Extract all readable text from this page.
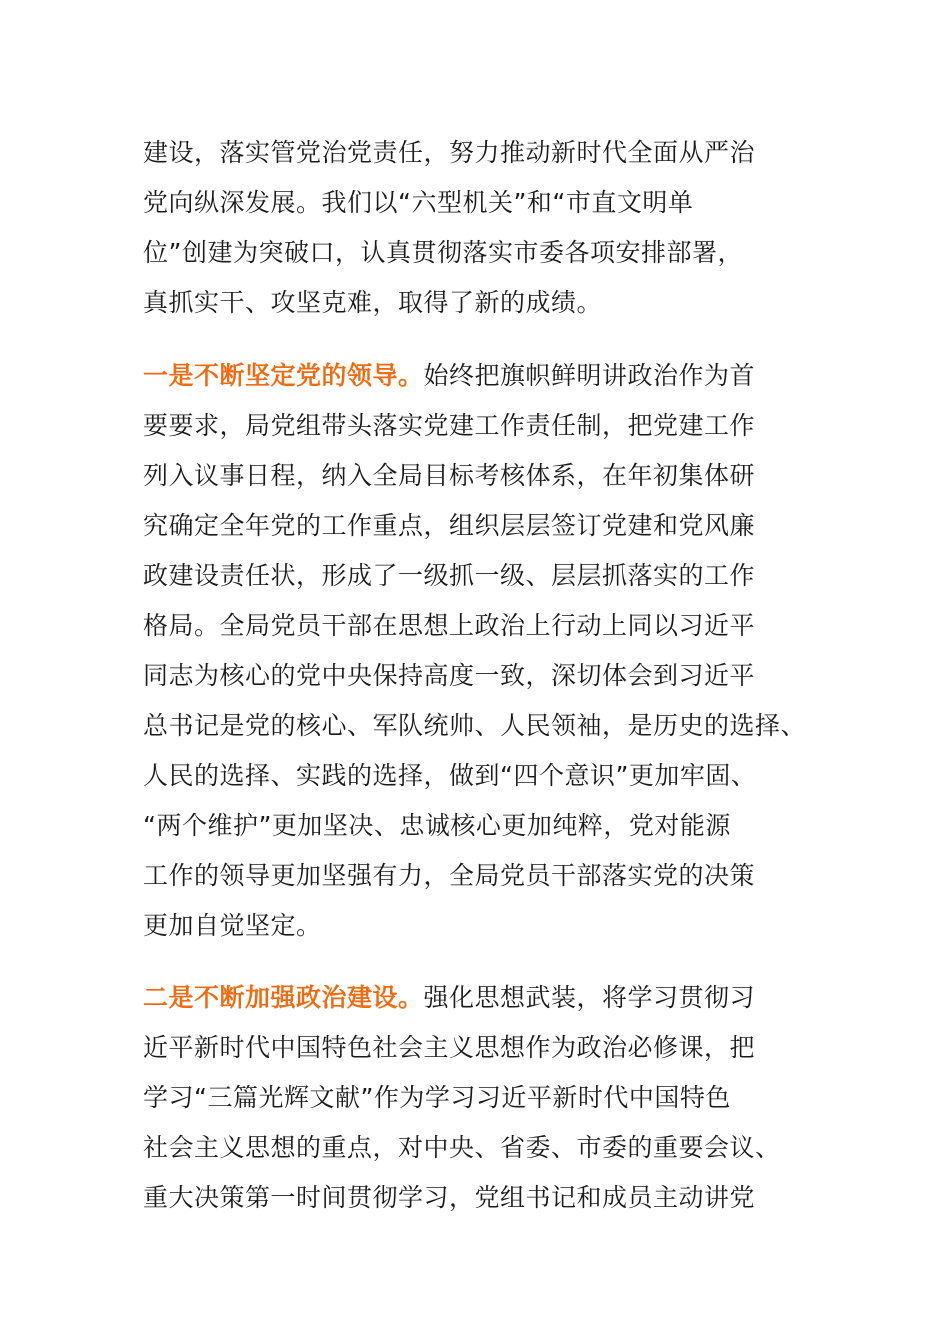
建设，落实管党治党责任，努力推动新时代全面从严治
党向纵深发展。我们以“六型机关”和“市直文明单
位”创建为突破口，认真贯彻落实市委各项安排部署，
真抓实干、攻坚克难，取得了新的成绩。
一是不断坚定党的领导。始终把旗帜鲜明讲政治作为首
要要求，局党组带头落实党建工作责任制，把党建工作
列入议事日程，纳入全局目标考核体系，在年初集体研
究确定全年党的工作重点，组织层层签订党建和党风廉
政建设责任状，形成了一级抓一级、层层抓落实的工作
格局。全局党员干部在思想上政治上行动上同以习近平
同志为核心的党中央保持高度一致，深切体会到习近平
总书记是党的核心、军队统帅、人民领袖，是历史的选择、
人民的选择、实践的选择，做到“四个意识”更加牢固、
“两个维护”更加坚决、忠诚核心更加纯粹，党对能源
工作的领导更加坚强有力，全局党员干部落实党的决策
更加自觉坚定。
二是不断加强政治建设。强化思想武装，将学习贯彻习
近平新时代中国特色社会主义思想作为政治必修课，把
学习“三篇光辉文献”作为学习习近平新时代中国特色
社会主义思想的重点，对中央、省委、市委的重要会议、
重大决策第一时间贯彻学习，党组书记和成员主动讲党
